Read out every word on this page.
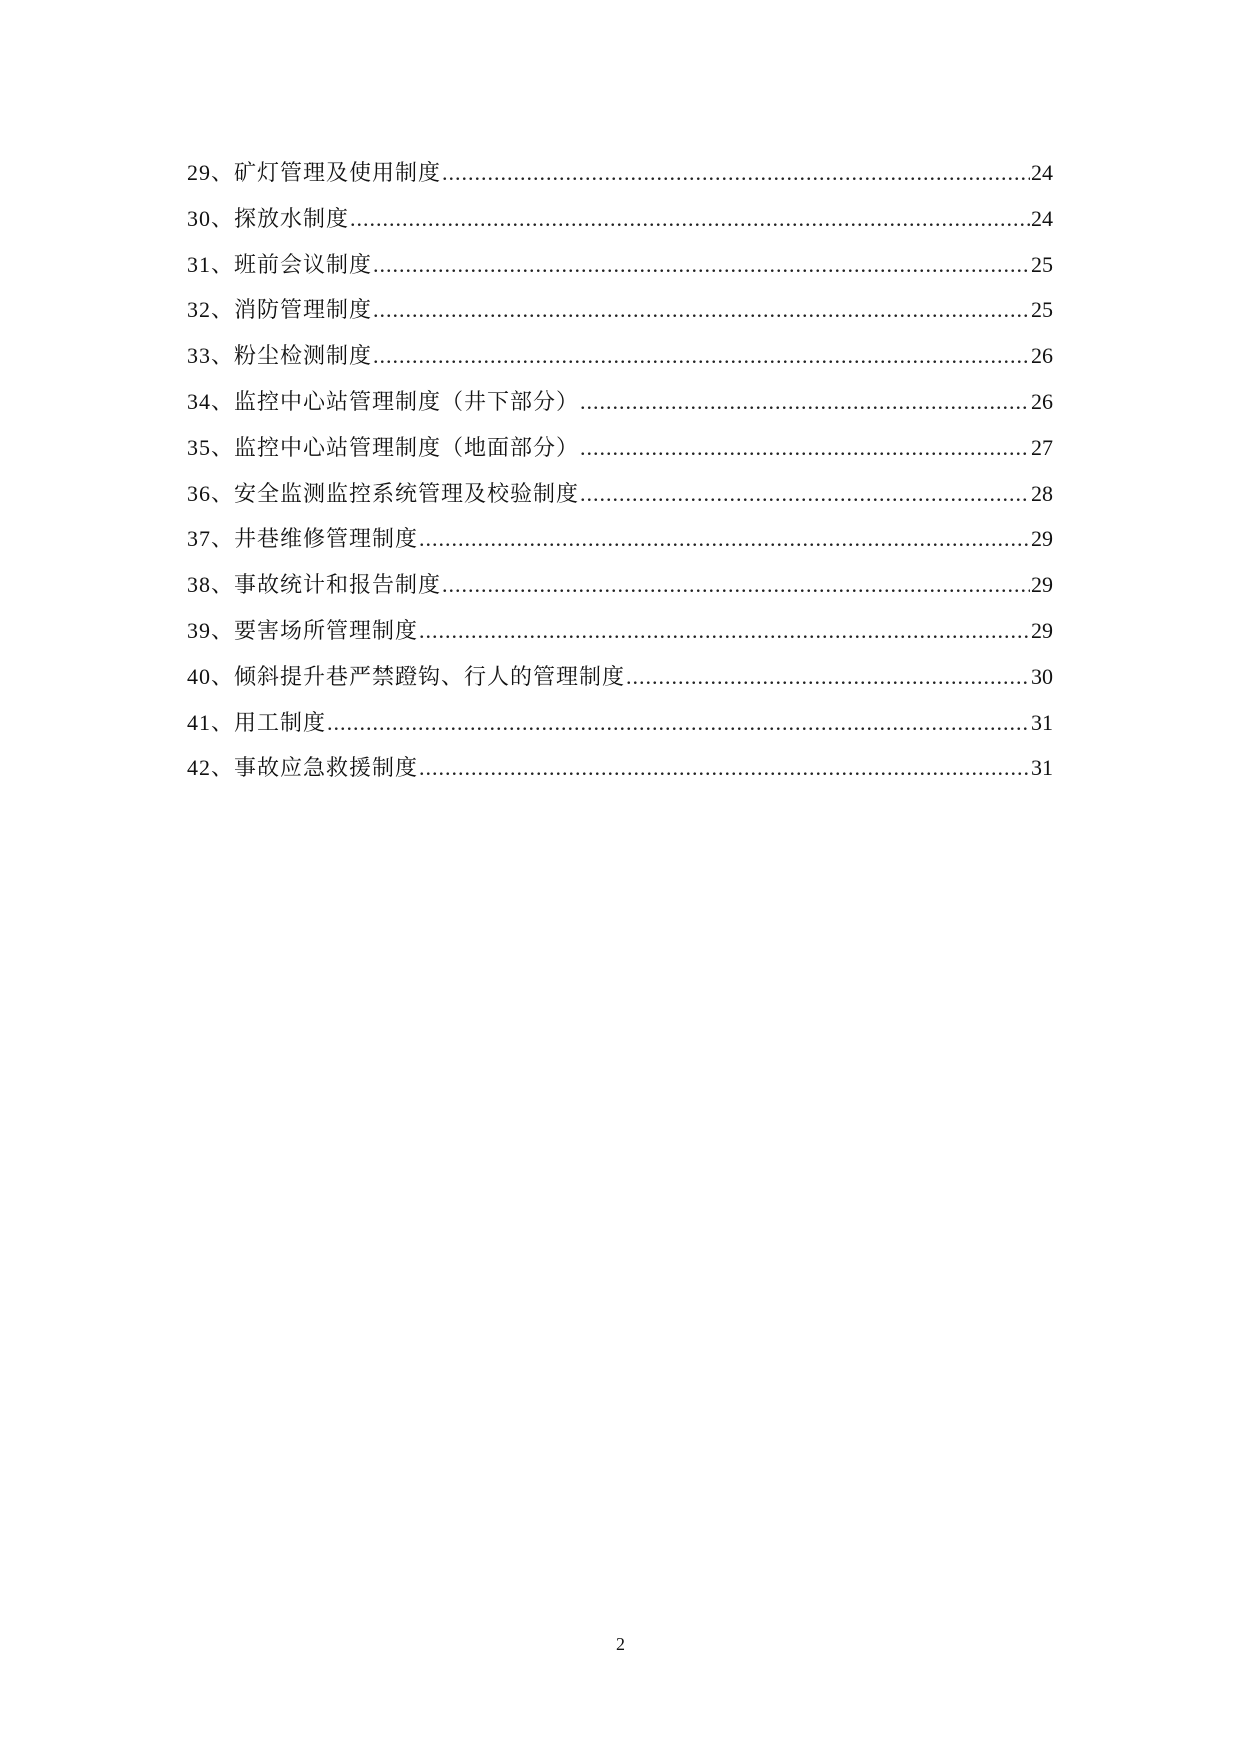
29、矿灯管理及使用制度 .....	24
30、探放水制度 .....	24
31、班前会议制度 .....	25
32、消防管理制度 .....	25
33、粉尘检测制度 .....	26
34、监控中心站管理制度（井下部分） .....	26
35、监控中心站管理制度（地面部分） .....	27
36、安全监测监控系统管理及校验制度 .....	28
37、井巷维修管理制度 .....	29
38、事故统计和报告制度 .....	29
39、要害场所管理制度 .....	29
40、倾斜提升巷严禁蹬钩、行人的管理制度 .....	30
41、用工制度 .....	31
42、事故应急救援制度 .....	31
2
